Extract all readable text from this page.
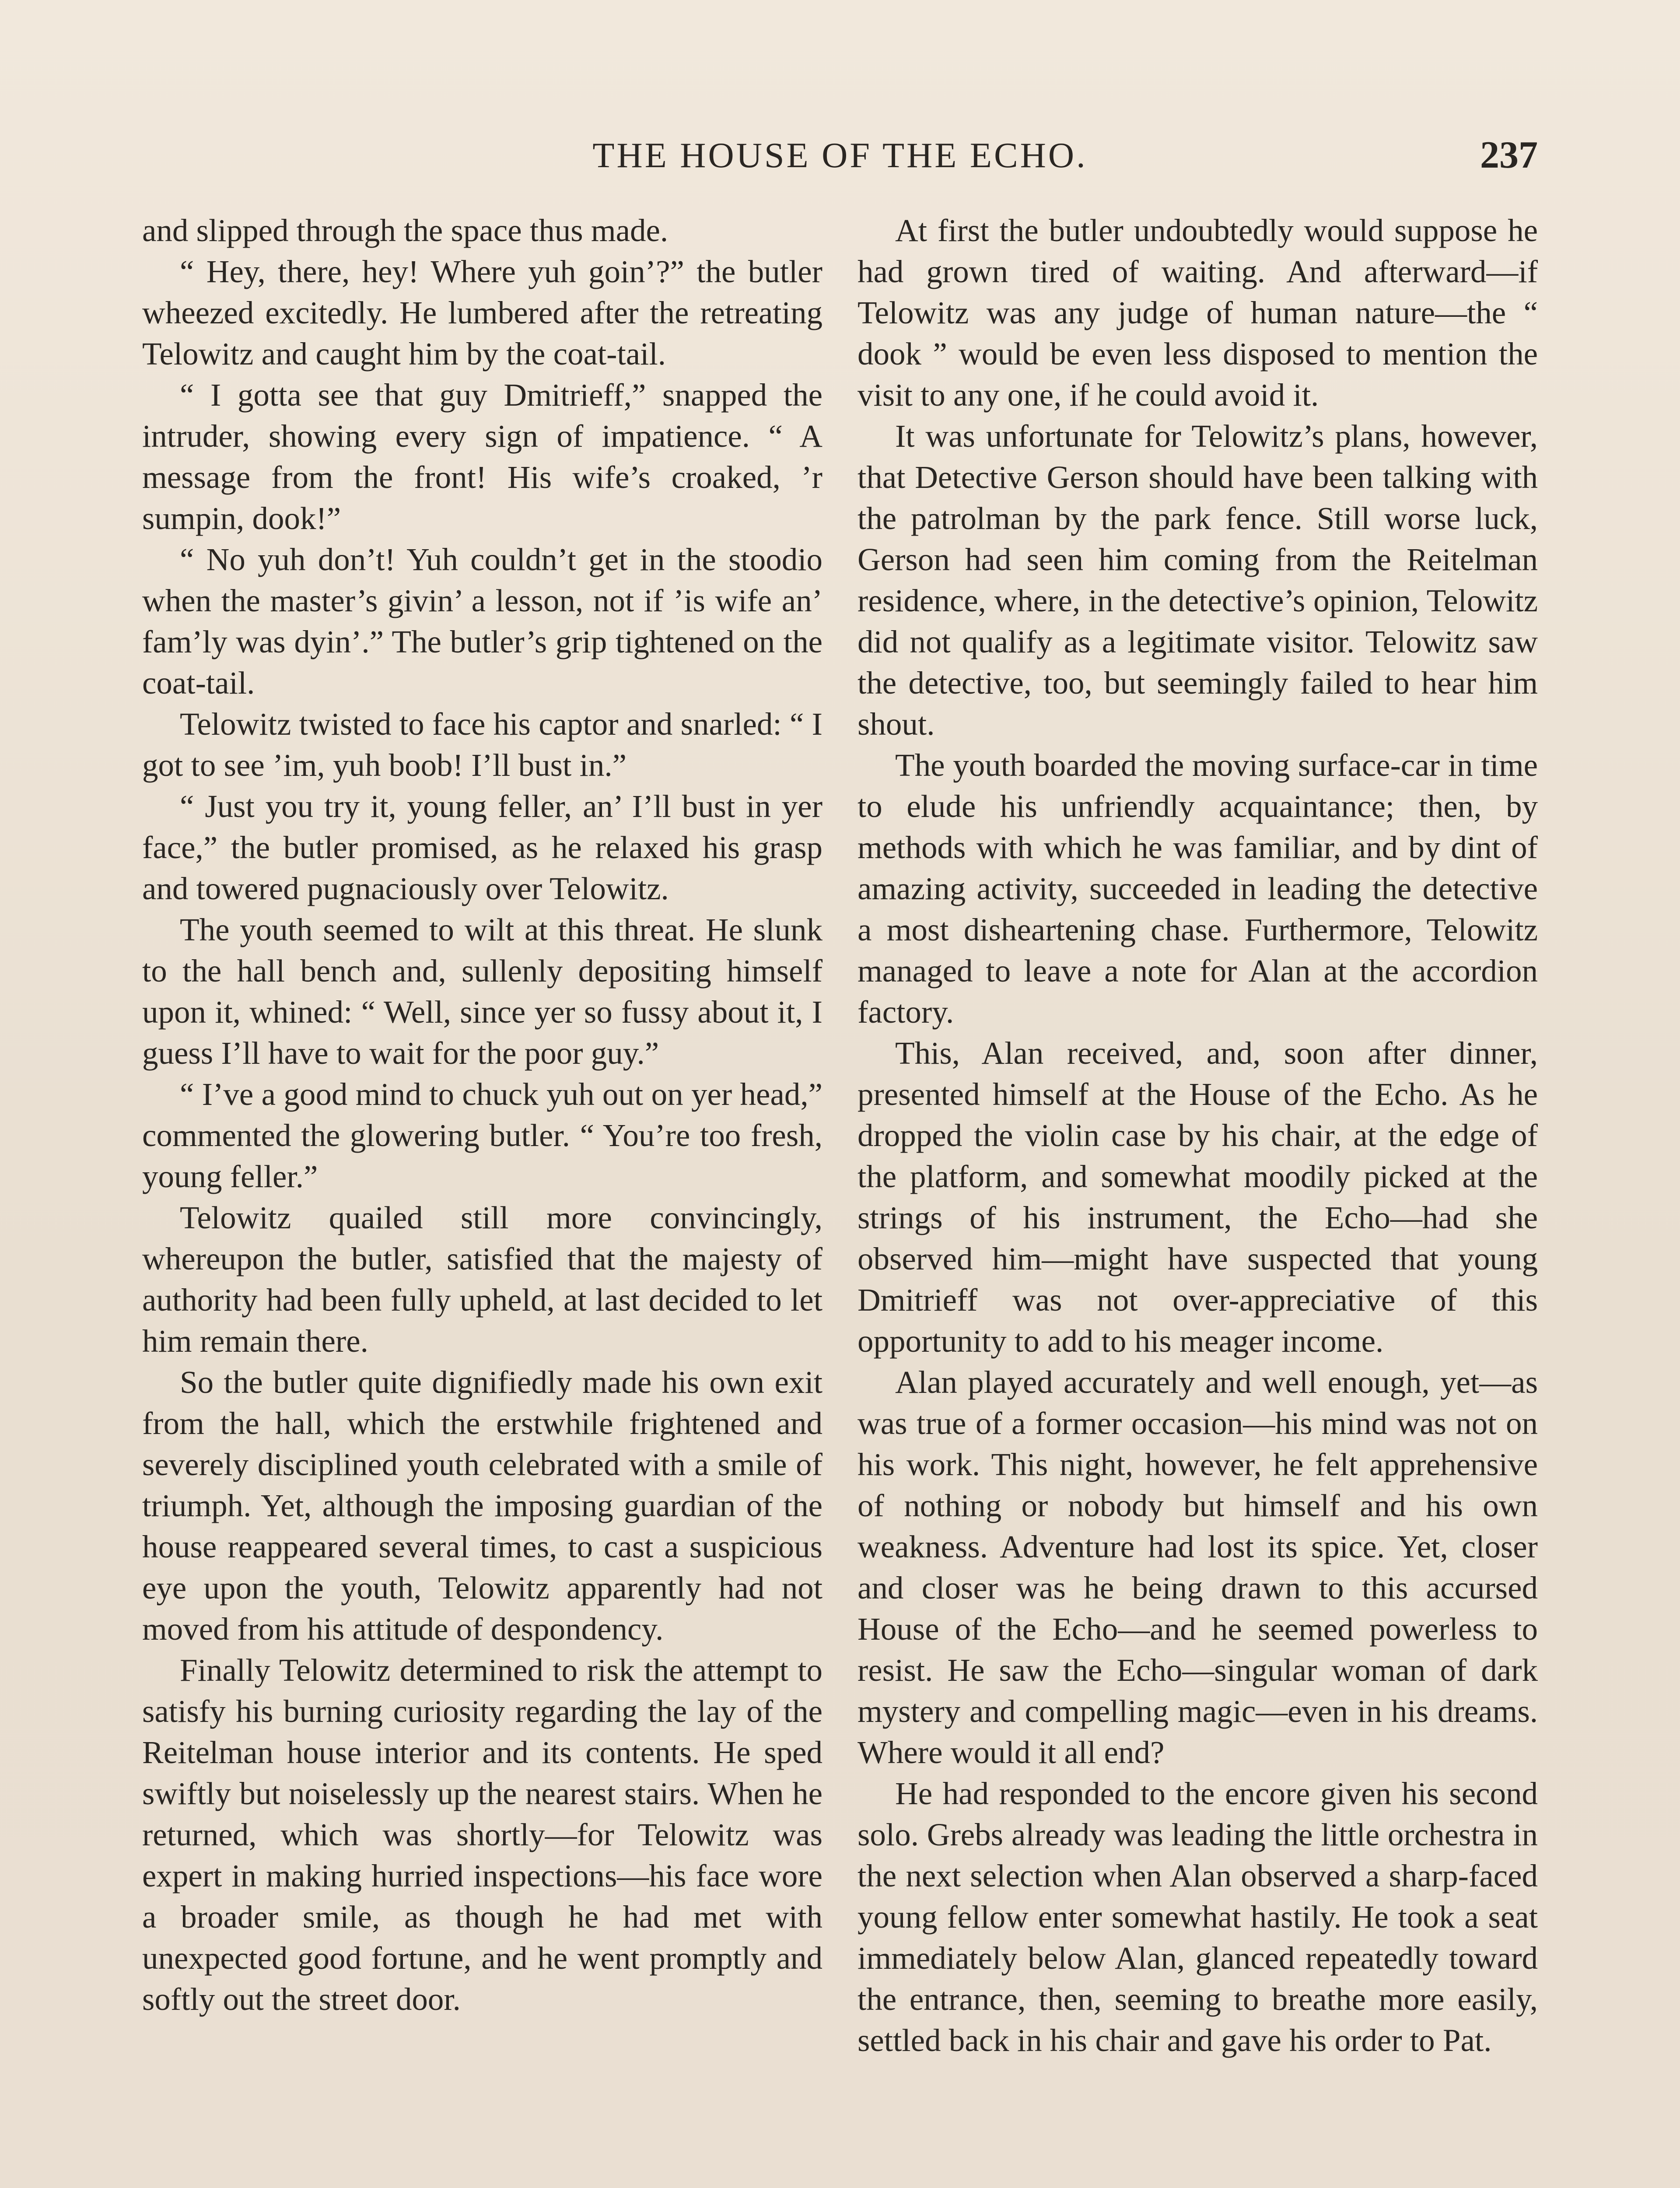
THE HOUSE OF THE ECHO.	237

and slipped through the space thus made.

“ Hey, there, hey! Where yuh goin’?” the butler wheezed excitedly. He lumbered after the retreating Telowitz and caught him by the coat-tail.

“ I gotta see that guy Dmitrieff,” snapped the intruder, showing every sign of impatience. “ A message from the front! His wife’s croaked, ’r sumpin, dook!”

“ No yuh don’t! Yuh couldn’t get in the stoodio when the master’s givin’ a lesson, not if ’is wife an’ fam’ly was dyin’.” The butler’s grip tightened on the coat-tail.

Telowitz twisted to face his captor and snarled: “ I got to see ’im, yuh boob! I’ll bust in.”

“ Just you try it, young feller, an’ I’ll bust in yer face,” the butler promised, as he relaxed his grasp and towered pugnaciously over Telowitz.

The youth seemed to wilt at this threat. He slunk to the hall bench and, sullenly depositing himself upon it, whined: “ Well, since yer so fussy about it, I guess I’ll have to wait for the poor guy.”

“ I’ve a good mind to chuck yuh out on yer head,” commented the glowering butler. “ You’re too fresh, young feller.”

Telowitz quailed still more convincingly, whereupon the butler, satisfied that the majesty of authority had been fully upheld, at last decided to let him remain there.

So the butler quite dignifiedly made his own exit from the hall, which the erstwhile frightened and severely disciplined youth celebrated with a smile of triumph. Yet, although the imposing guardian of the house reappeared several times, to cast a suspicious eye upon the youth, Telowitz apparently had not moved from his attitude of despondency.

Finally Telowitz determined to risk the attempt to satisfy his burning curiosity regarding the lay of the Reitelman house interior and its contents. He sped swiftly but noiselessly up the nearest stairs. When he returned, which was shortly—for Telowitz was expert in making hurried inspections—his face wore a broader smile, as though he had met with unexpected good fortune, and he went promptly and softly out the street door.

At first the butler undoubtedly would suppose he had grown tired of waiting. And afterward—if Telowitz was any judge of human nature—the “ dook ” would be even less disposed to mention the visit to any one, if he could avoid it.

It was unfortunate for Telowitz’s plans, however, that Detective Gerson should have been talking with the patrolman by the park fence. Still worse luck, Gerson had seen him coming from the Reitelman residence, where, in the detective’s opinion, Telowitz did not qualify as a legitimate visitor. Telowitz saw the detective, too, but seemingly failed to hear him shout.

The youth boarded the moving surface-car in time to elude his unfriendly acquaintance; then, by methods with which he was familiar, and by dint of amazing activity, succeeded in leading the detective a most disheartening chase. Furthermore, Telowitz managed to leave a note for Alan at the accordion factory.

This, Alan received, and, soon after dinner, presented himself at the House of the Echo. As he dropped the violin case by his chair, at the edge of the platform, and somewhat moodily picked at the strings of his instrument, the Echo—had she observed him—might have suspected that young Dmitrieff was not over-appreciative of this opportunity to add to his meager income.

Alan played accurately and well enough, yet—as was true of a former occasion—his mind was not on his work. This night, however, he felt apprehensive of nothing or nobody but himself and his own weakness. Adventure had lost its spice. Yet, closer and closer was he being drawn to this accursed House of the Echo—and he seemed powerless to resist. He saw the Echo—singular woman of dark mystery and compelling magic—even in his dreams. Where would it all end?

He had responded to the encore given his second solo. Grebs already was leading the little orchestra in the next selection when Alan observed a sharp-faced young fellow enter somewhat hastily. He took a seat immediately below Alan, glanced repeatedly toward the entrance, then, seeming to breathe more easily, settled back in his chair and gave his order to Pat.
